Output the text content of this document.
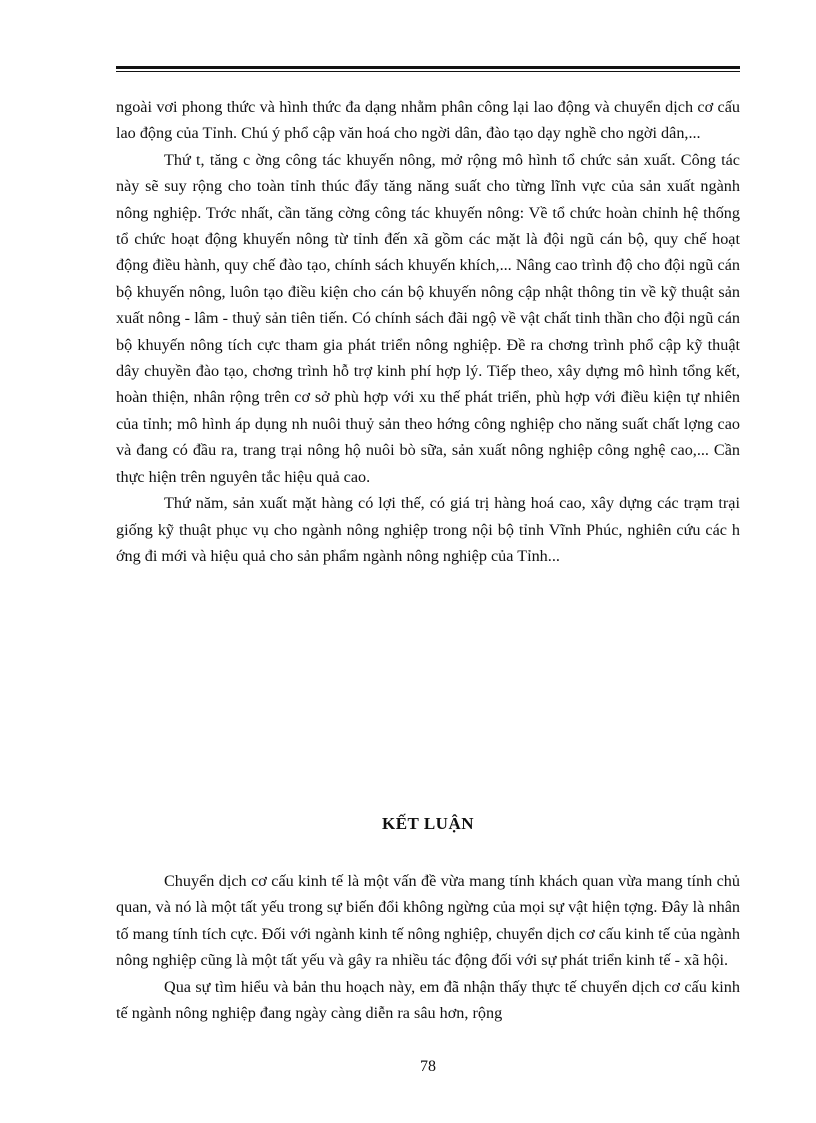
ngoài vơi phong thức và hình thức đa dạng nhằm phân công lại lao động và chuyển dịch cơ cấu lao động của Tỉnh. Chú ý phổ cập văn hoá cho ngời dân, đào tạo dạy nghề cho ngời dân,...

Thứ t, tăng c ờng công tác khuyến nông, mở rộng mô hình tổ chức sản xuất. Công tác này sẽ suy rộng cho toàn tỉnh thúc đẩy tăng năng suất cho từng lĩnh vực của sản xuất ngành nông nghiệp. Trớc nhất, cần tăng cờng công tác khuyến nông: Về tổ chức hoàn chỉnh hệ thống tổ chức hoạt động khuyến nông từ tỉnh đến xã gồm các mặt là đội ngũ cán bộ, quy chế hoạt động điều hành, quy chế đào tạo, chính sách khuyến khích,... Nâng cao trình độ cho đội ngũ cán bộ khuyến nông, luôn tạo điều kiện cho cán bộ khuyến nông cập nhật thông tin về kỹ thuật sản xuất nông - lâm - thuỷ sản tiên tiến. Có chính sách đãi ngộ về vật chất tinh thần cho đội ngũ cán bộ khuyến nông tích cực tham gia phát triển nông nghiệp. Đề ra chơng trình phổ cập kỹ thuật dây chuyền đào tạo, chơng trình hỗ trợ kinh phí hợp lý. Tiếp theo, xây dựng mô hình tổng kết, hoàn thiện, nhân rộng trên cơ sở phù hợp với xu thế phát triển, phù hợp với điều kiện tự nhiên của tỉnh; mô hình áp dụng nh nuôi thuỷ sản theo hớng công nghiệp cho năng suất chất lợng cao và đang có đầu ra, trang trại nông hộ nuôi bò sữa, sản xuất nông nghiệp công nghệ cao,... Cần thực hiện trên nguyên tắc hiệu quả cao.

Thứ năm, sản xuất mặt hàng có lợi thế, có giá trị hàng hoá cao, xây dựng các trạm trại giống kỹ thuật phục vụ cho ngành nông nghiệp trong nội bộ tỉnh Vĩnh Phúc, nghiên cứu các h ớng đi mới và hiệu quả cho sản phẩm ngành nông nghiệp của Tỉnh...

KẾT LUẬN

Chuyển dịch cơ cấu kinh tế là một vấn đề vừa mang tính khách quan vừa mang tính chủ quan, và nó là một tất yếu trong sự biến đổi không ngừng của mọi sự vật hiện tợng. Đây là nhân tố mang tính tích cực. Đối với ngành kinh tế nông nghiệp, chuyển dịch cơ cấu kinh tế của ngành nông nghiệp cũng là một tất yếu và gây ra nhiều tác động đối với sự phát triển kinh tế - xã hội.

Qua sự tìm hiểu và bản thu hoạch này, em đã nhận thấy thực tế chuyển dịch cơ cấu kinh tế ngành nông nghiệp đang ngày càng diễn ra sâu hơn, rộng

78
